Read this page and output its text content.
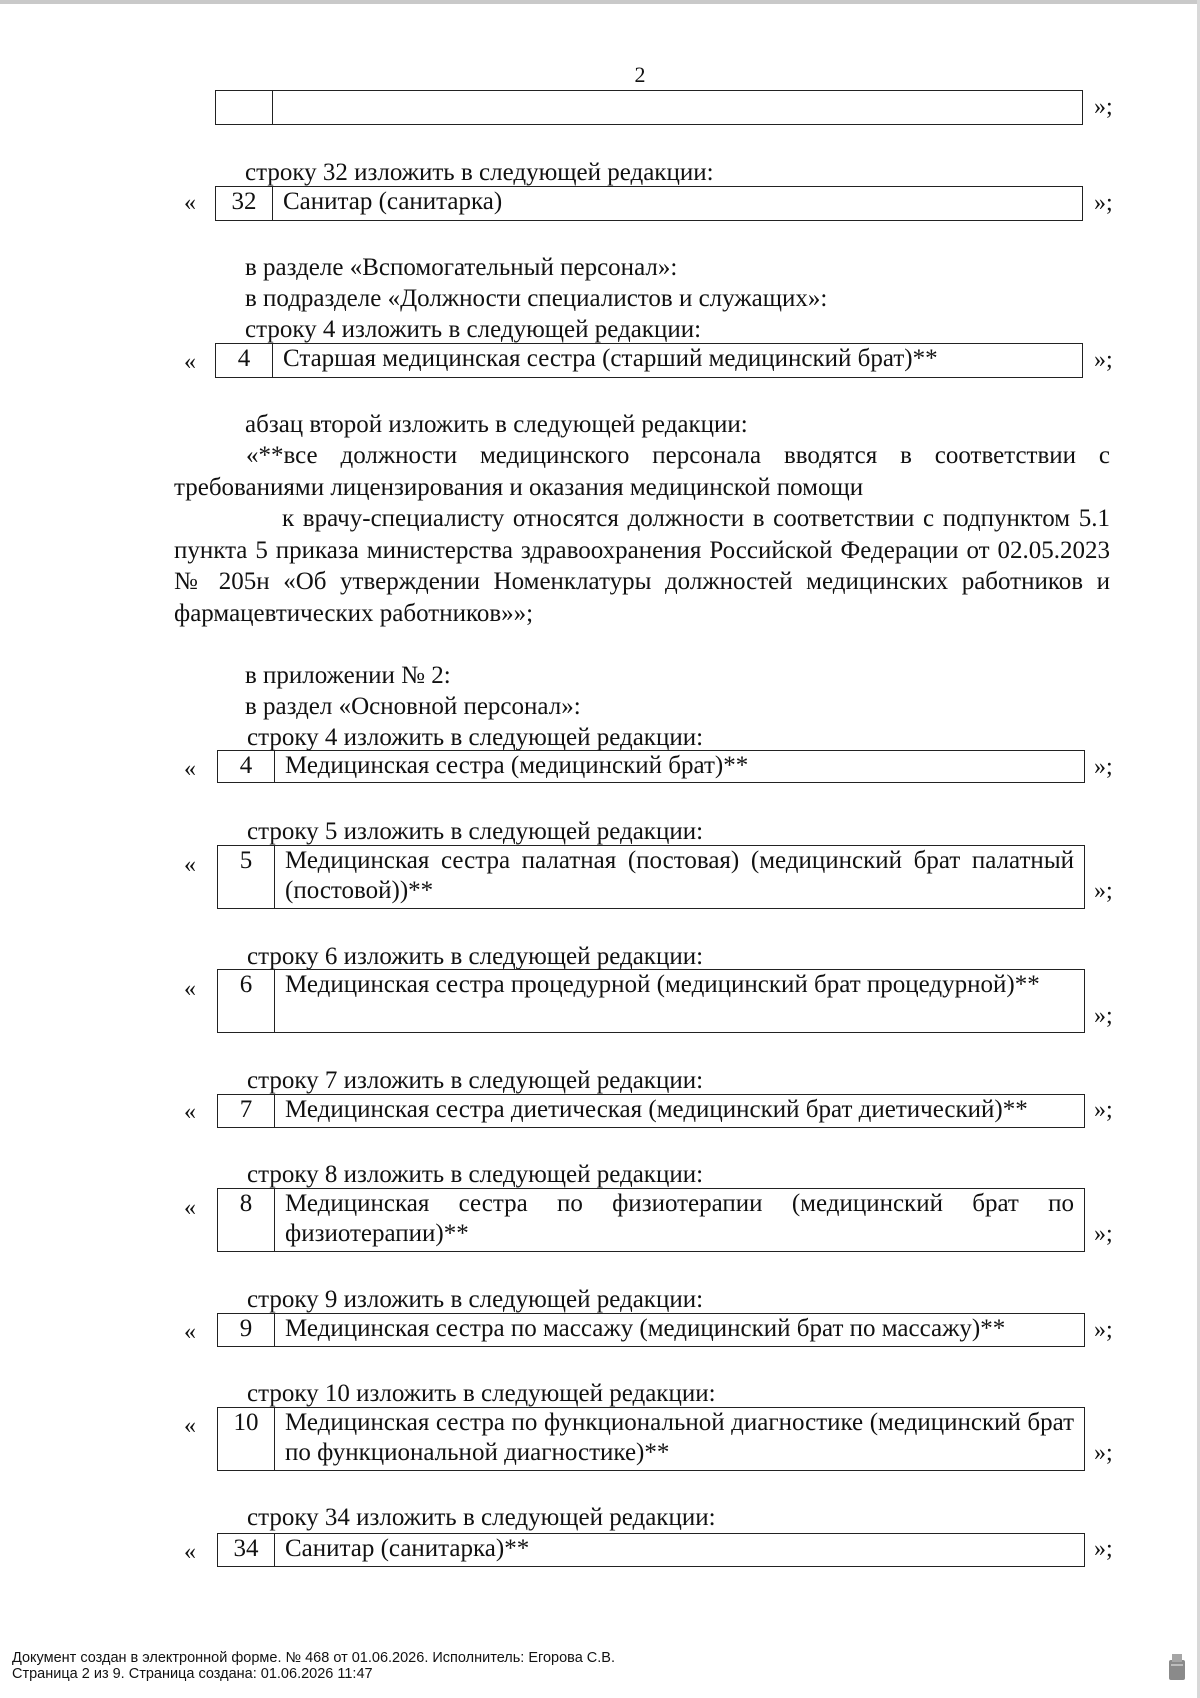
2
»;
строку 32 изложить в следующей редакции:
«	32	Санитар (санитарка)	»;
в разделе «Вспомогательный персонал»:
в подразделе «Должности специалистов и служащих»:
строку 4 изложить в следующей редакции:
«	4	Старшая медицинская сестра (старший медицинский брат)**	»;
абзац второй изложить в следующей редакции:

«**все должности медицинского персонала вводятся в соответствии с требованиями лицензирования и оказания медицинской помощи

к врачу-специалисту относятся должности в соответствии с подпунктом 5.1 пункта 5 приказа министерства здравоохранения Российской Федерации от 02.05.2023 № 205н «Об утверждении Номенклатуры должностей медицинских работников и фармацевтических работников»»;

в приложении № 2:
в раздел «Основной персонал»:
строку 4 изложить в следующей редакции:
«	4	Медицинская сестра (медицинский брат)**	»;
строку 5 изложить в следующей редакции:
«	5	Медицинская сестра палатная (постовая) (медицинский брат палатный (постовой))**	»;
строку 6 изложить в следующей редакции:
«	6	Медицинская сестра процедурной (медицинский брат процедурной)**
»;
строку 7 изложить в следующей редакции:
«	7	Медицинская сестра диетическая (медицинский брат диетический)**	»;
строку 8 изложить в следующей редакции:
«	8	Медицинская сестра по физиотерапии (медицинский брат по физиотерапии)**	»;
строку 9 изложить в следующей редакции:
«	9	Медицинская сестра по массажу (медицинский брат по массажу)**	»;
строку 10 изложить в следующей редакции:
«	10	Медицинская сестра по функциональной диагностике (медицинский брат по функциональной диагностике)**	»;
строку 34 изложить в следующей редакции:
«	34	Санитар (санитарка)**	»;
Документ создан в электронной форме. № 468 от 01.06.2026. Исполнитель: Егорова С.В.
Страница 2 из 9. Страница создана: 01.06.2026 11:47
